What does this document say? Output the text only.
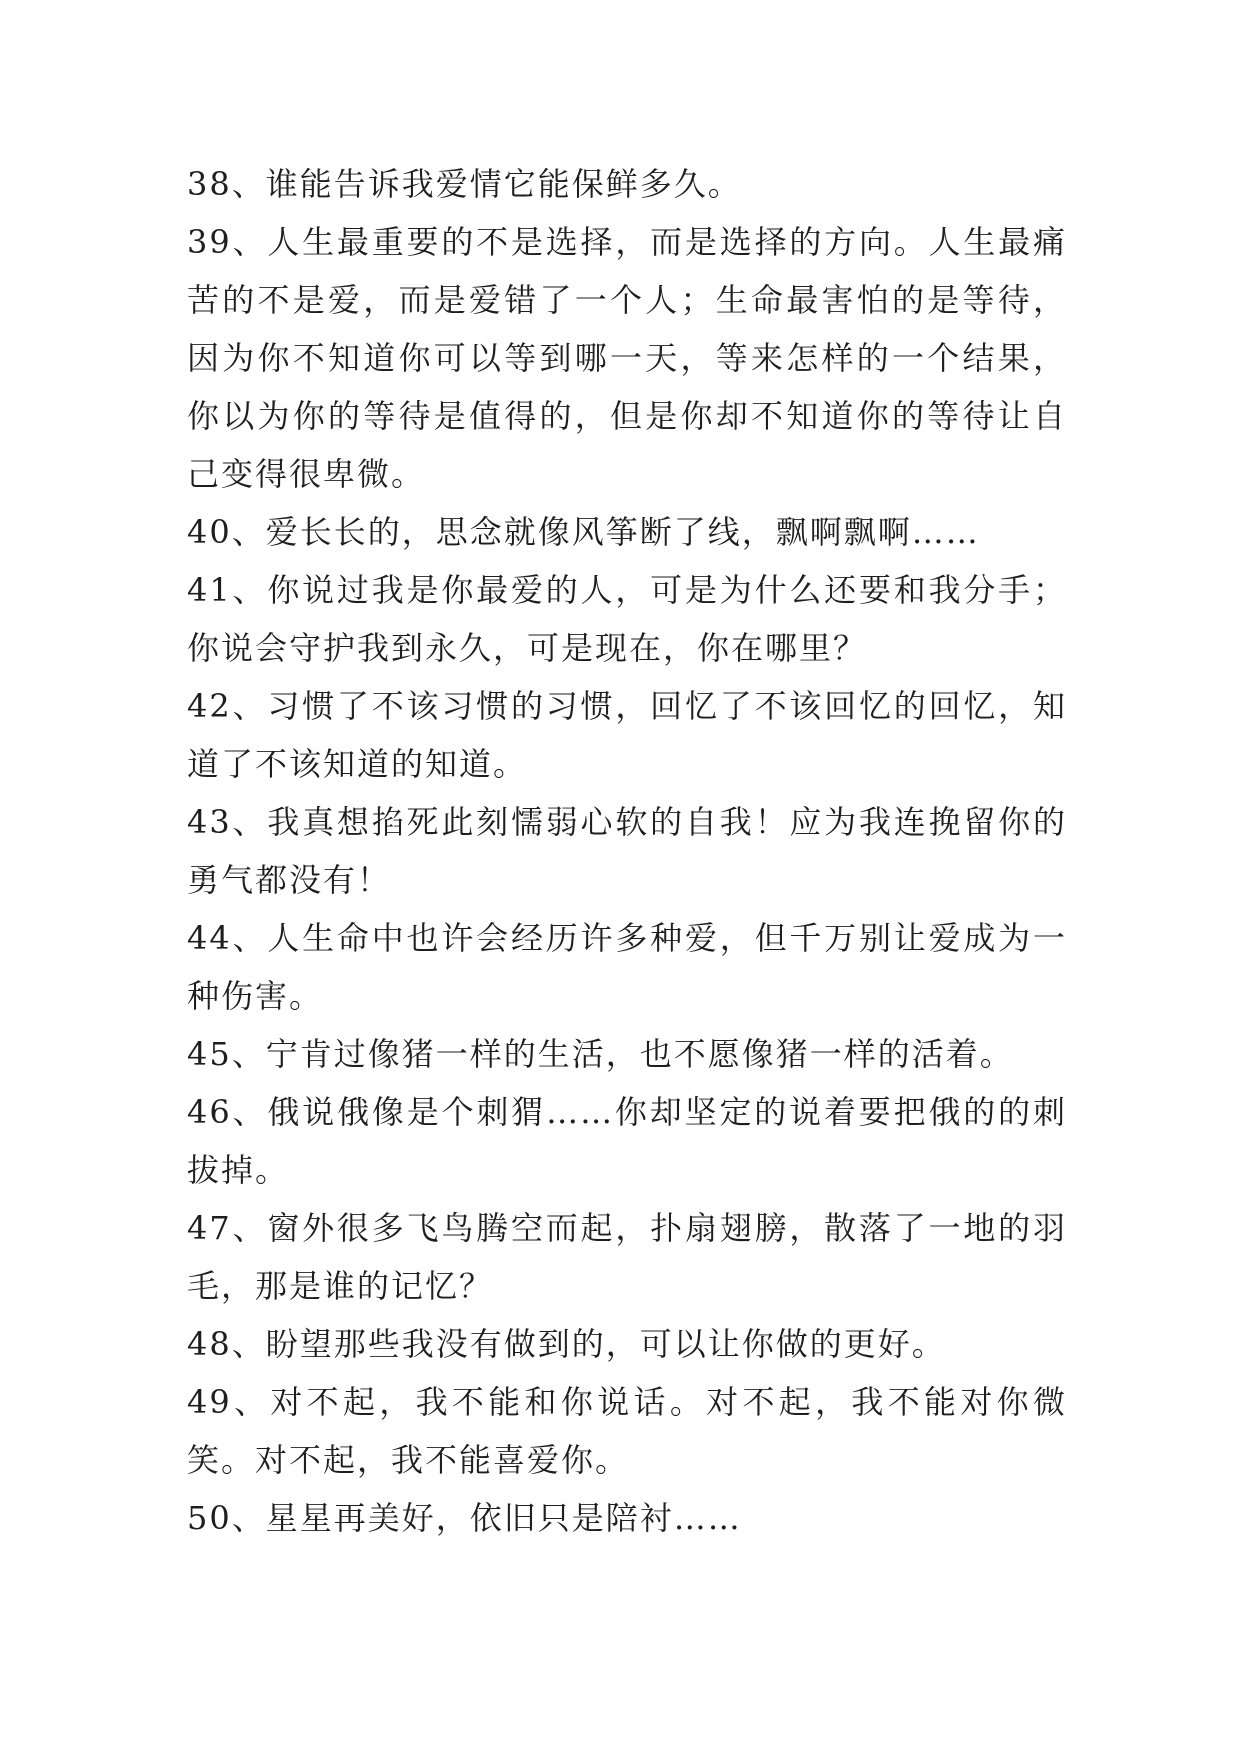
38、谁能告诉我爱情它能保鲜多久。

39、人生最重要的不是选择，而是选择的方向。人生最痛苦的不是爱，而是爱错了一个人；生命最害怕的是等待，因为你不知道你可以等到哪一天，等来怎样的一个结果，你以为你的等待是值得的，但是你却不知道你的等待让自己变得很卑微。

40、爱长长的，思念就像风筝断了线，飘啊飘啊……

41、你说过我是你最爱的人，可是为什么还要和我分手；你说会守护我到永久，可是现在，你在哪里？

42、习惯了不该习惯的习惯，回忆了不该回忆的回忆，知道了不该知道的知道。

43、我真想掐死此刻懦弱心软的自我！应为我连挽留你的勇气都没有！

44、人生命中也许会经历许多种爱，但千万别让爱成为一种伤害。

45、宁肯过像猪一样的生活，也不愿像猪一样的活着。

46、俄说俄像是个刺猬……你却坚定的说着要把俄的的刺拔掉。

47、窗外很多飞鸟腾空而起，扑扇翅膀，散落了一地的羽毛，那是谁的记忆？

48、盼望那些我没有做到的，可以让你做的更好。

49、对不起，我不能和你说话。对不起，我不能对你微笑。对不起，我不能喜爱你。

50、星星再美好，依旧只是陪衬……
